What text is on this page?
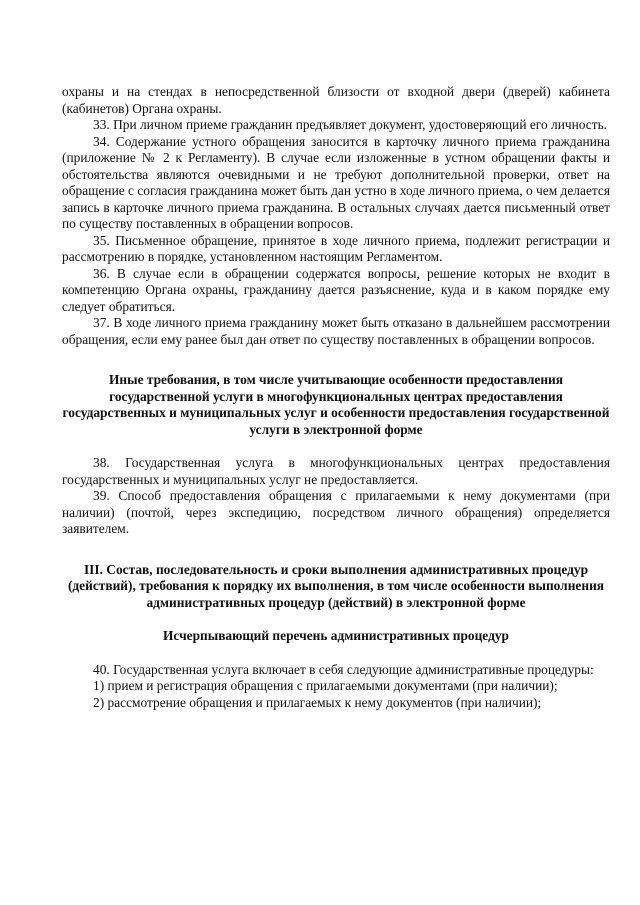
охраны и на стендах в непосредственной близости от входной двери (дверей) кабинета (кабинетов) Органа охраны.

33. При личном приеме гражданин предъявляет документ, удостоверяющий его личность.

34. Содержание устного обращения заносится в карточку личного приема гражданина (приложение № 2 к Регламенту). В случае если изложенные в устном обращении факты и обстоятельства являются очевидными и не требуют дополнительной проверки, ответ на обращение с согласия гражданина может быть дан устно в ходе личного приема, о чем делается запись в карточке личного приема гражданина. В остальных случаях дается письменный ответ по существу поставленных в обращении вопросов.

35. Письменное обращение, принятое в ходе личного приема, подлежит регистрации и рассмотрению в порядке, установленном настоящим Регламентом.

36. В случае если в обращении содержатся вопросы, решение которых не входит в компетенцию Органа охраны, гражданину дается разъяснение, куда и в каком порядке ему следует обратиться.

37. В ходе личного приема гражданину может быть отказано в дальнейшем рассмотрении обращения, если ему ранее был дан ответ по существу поставленных в обращении вопросов.

Иные требования, в том числе учитывающие особенности предоставления государственной услуги в многофункциональных центрах предоставления государственных и муниципальных услуг и особенности предоставления государственной услуги в электронной форме

38. Государственная услуга в многофункциональных центрах предоставления государственных и муниципальных услуг не предоставляется.

39. Способ предоставления обращения с прилагаемыми к нему документами (при наличии) (почтой, через экспедицию, посредством личного обращения) определяется заявителем.

III. Состав, последовательность и сроки выполнения административных процедур (действий), требования к порядку их выполнения, в том числе особенности выполнения административных процедур (действий) в электронной форме

Исчерпывающий перечень административных процедур

40. Государственная услуга включает в себя следующие административные процедуры:

1) прием и регистрация обращения с прилагаемыми документами (при наличии);

2) рассмотрение обращения и прилагаемых к нему документов (при наличии);
